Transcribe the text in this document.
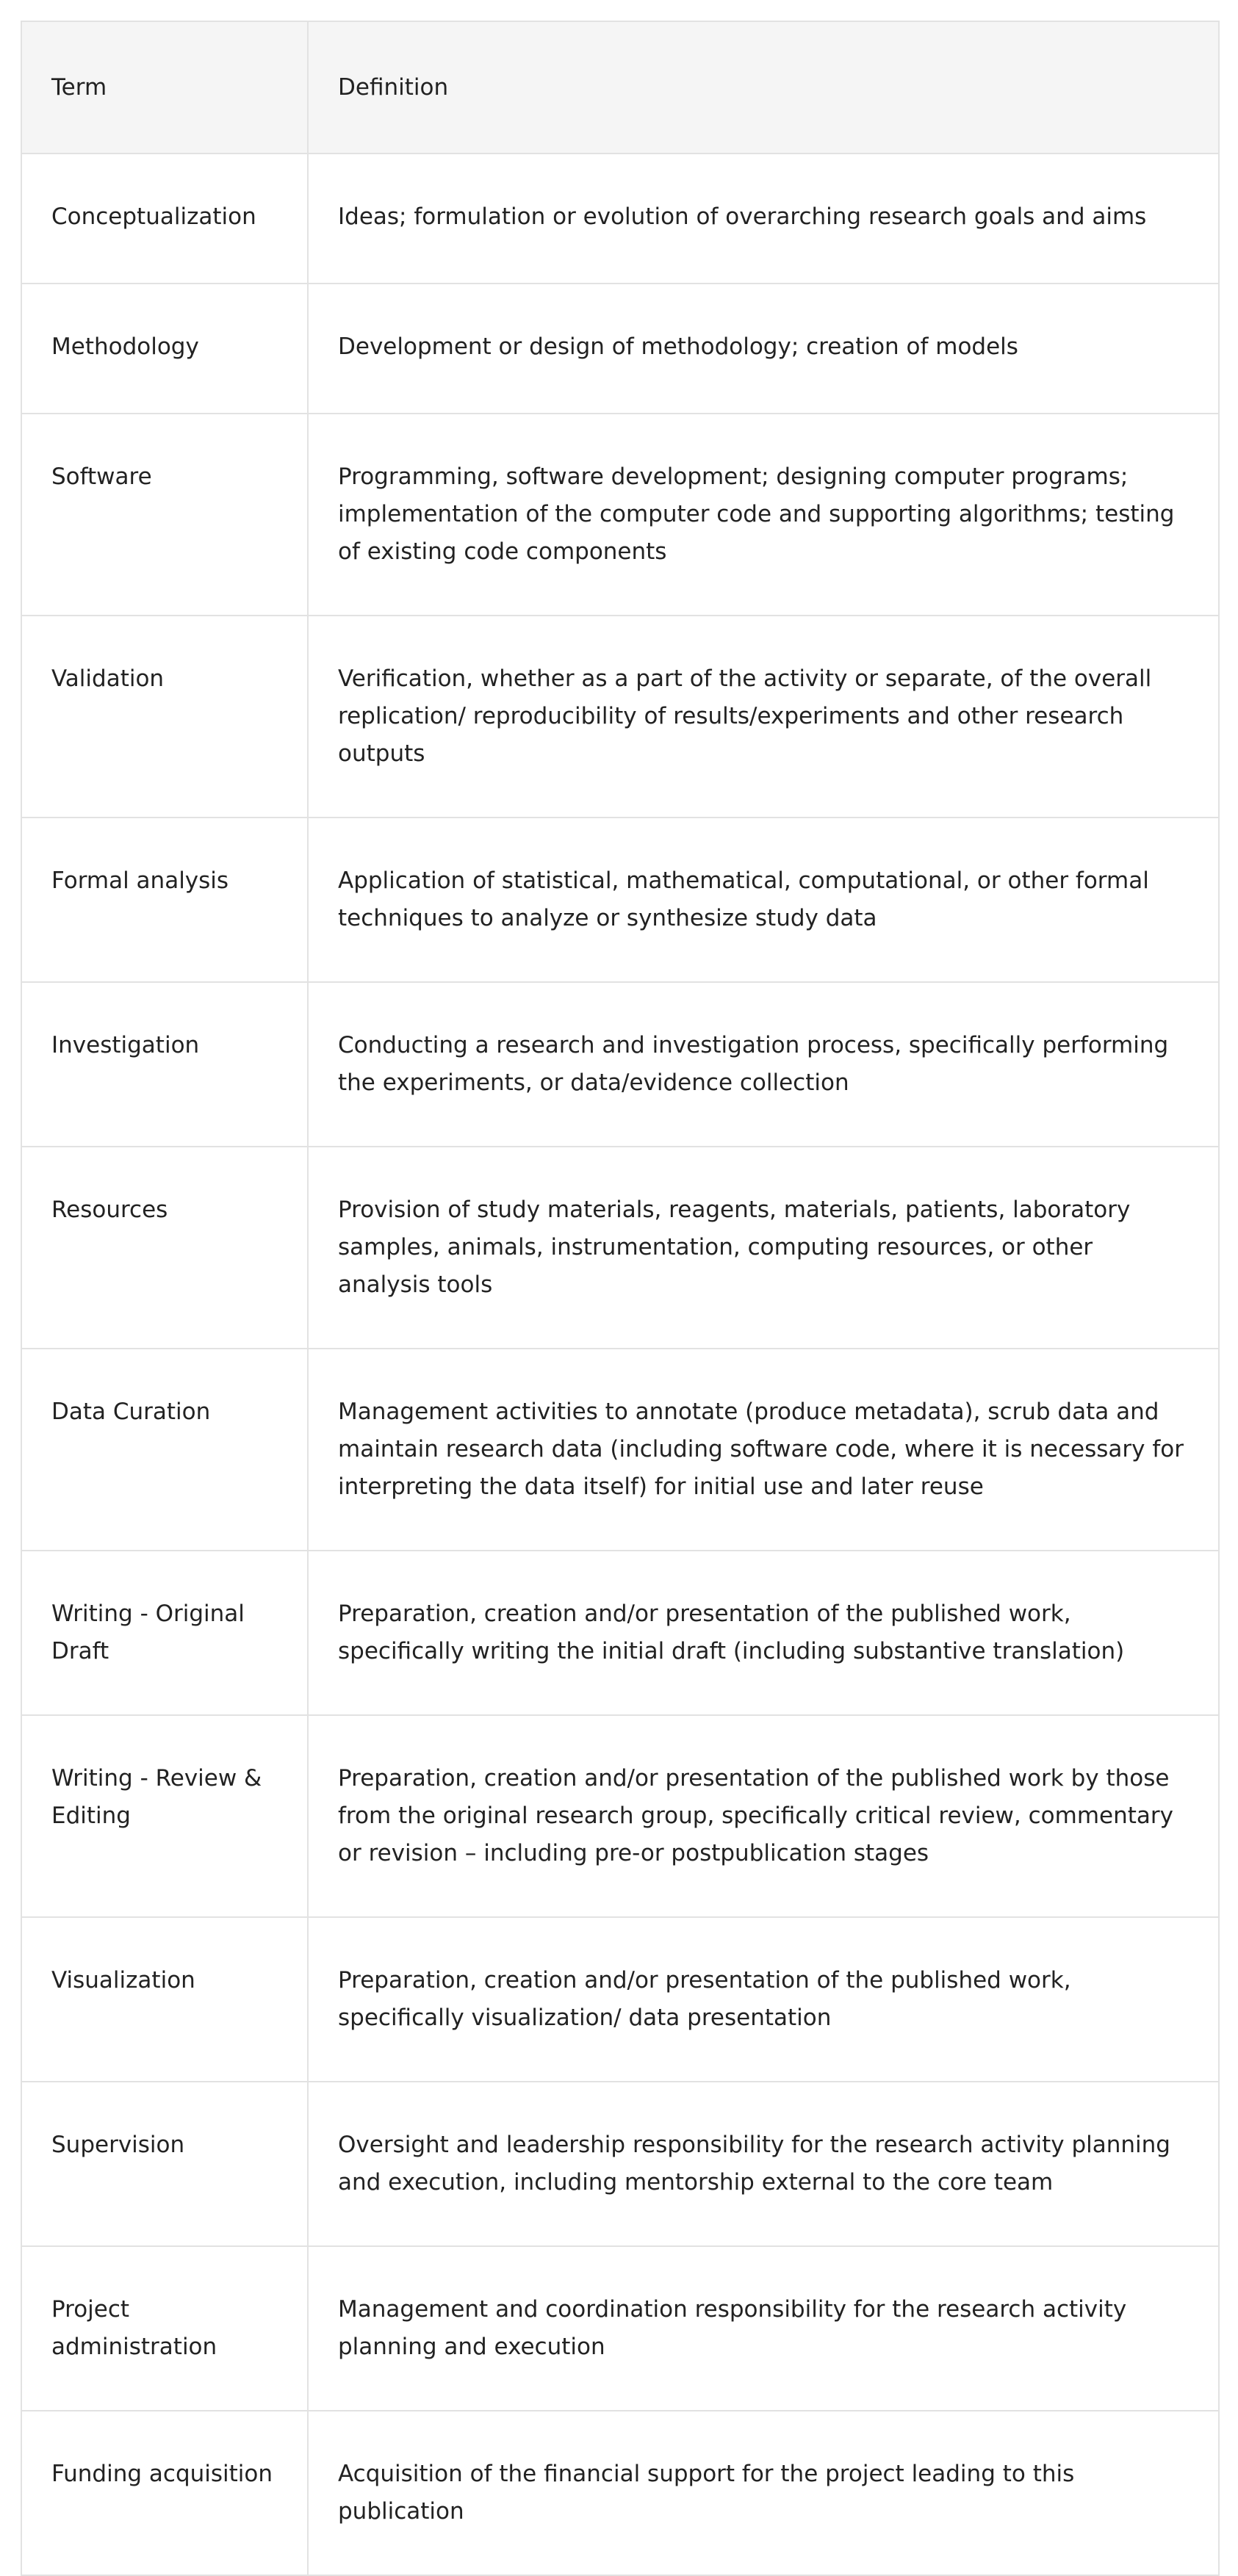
Term	Definition
Conceptualization	Ideas; formulation or evolution of overarching research goals and aims
Methodology	Development or design of methodology; creation of models
Software	Programming, software development; designing computer programs; implementation of the computer code and supporting algorithms; testing of existing code components
Validation	Verification, whether as a part of the activity or separate, of the overall replication/ reproducibility of results/experiments and other research outputs
Formal analysis	Application of statistical, mathematical, computational, or other formal techniques to analyze or synthesize study data
Investigation	Conducting a research and investigation process, specifically performing the experiments, or data/evidence collection
Resources	Provision of study materials, reagents, materials, patients, laboratory samples, animals, instrumentation, computing resources, or other analysis tools
Data Curation	Management activities to annotate (produce metadata), scrub data and maintain research data (including software code, where it is necessary for interpreting the data itself) for initial use and later reuse
Writing - Original Draft	Preparation, creation and/or presentation of the published work, specifically writing the initial draft (including substantive translation)
Writing - Review & Editing	Preparation, creation and/or presentation of the published work by those from the original research group, specifically critical review, commentary or revision – including pre-or postpublication stages
Visualization	Preparation, creation and/or presentation of the published work, specifically visualization/ data presentation
Supervision	Oversight and leadership responsibility for the research activity planning and execution, including mentorship external to the core team
Project administration	Management and coordination responsibility for the research activity planning and execution
Funding acquisition	Acquisition of the financial support for the project leading to this publication
